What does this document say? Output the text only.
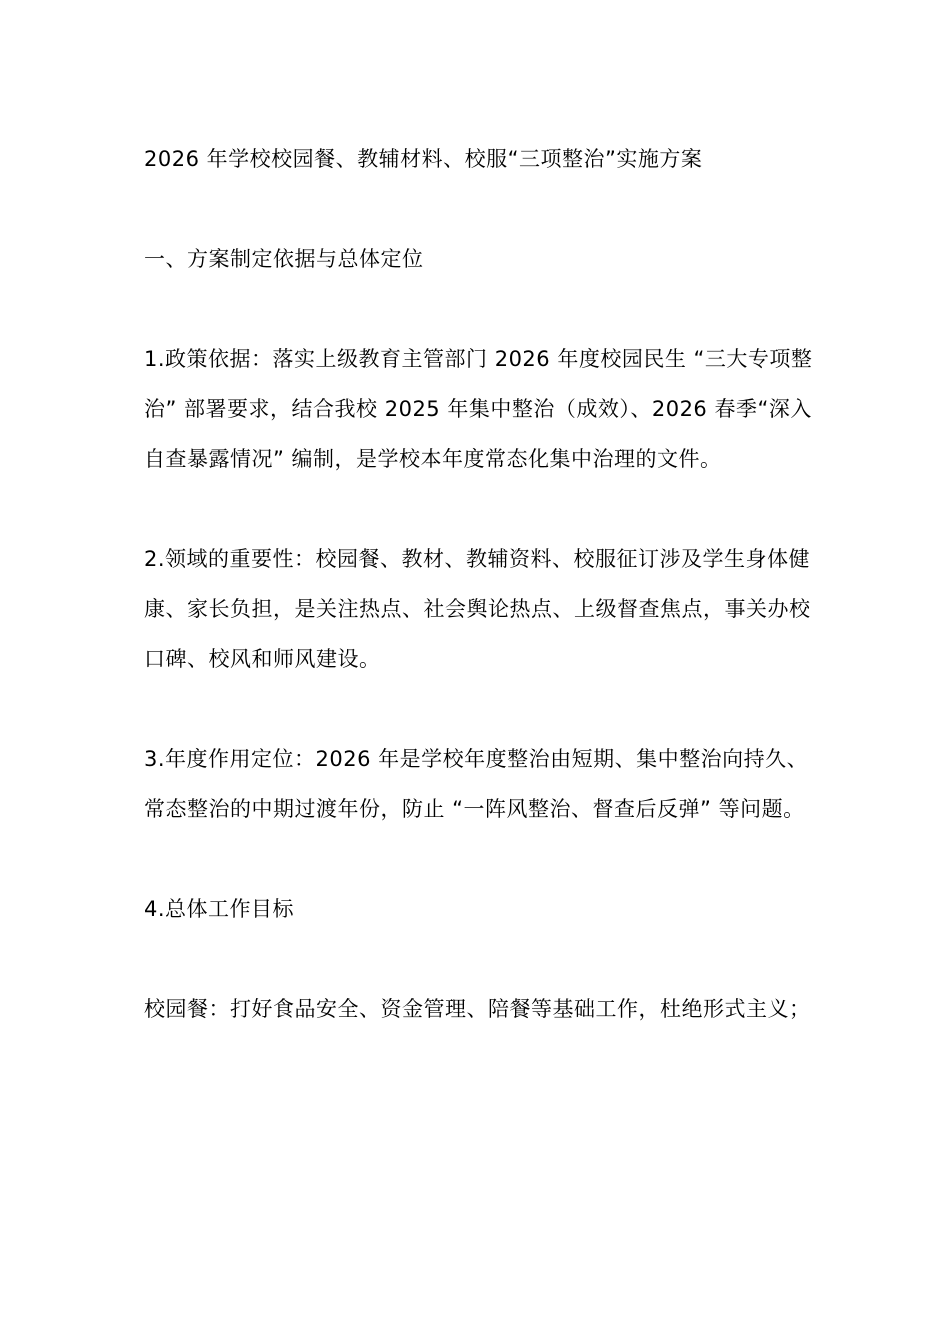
2026 年学校校园餐、教辅材料、校服“三项整治”实施方案

一、方案制定依据与总体定位

1.政策依据：落实上级教育主管部门 2026 年度校园民生 “三大专项整治” 部署要求，结合我校 2025 年集中整治（成效）、2026 春季“深入自查暴露情况” 编制，是学校本年度常态化集中治理的文件。

2.领域的重要性：校园餐、教材、教辅资料、校服征订涉及学生身体健康、家长负担，是关注热点、社会舆论热点、上级督查焦点，事关办校口碑、校风和师风建设。

3.年度作用定位：2026 年是学校年度整治由短期、集中整治向持久、常态整治的中期过渡年份，防止 “一阵风整治、督查后反弹” 等问题。

4.总体工作目标

校园餐：打好食品安全、资金管理、陪餐等基础工作，杜绝形式主义；
